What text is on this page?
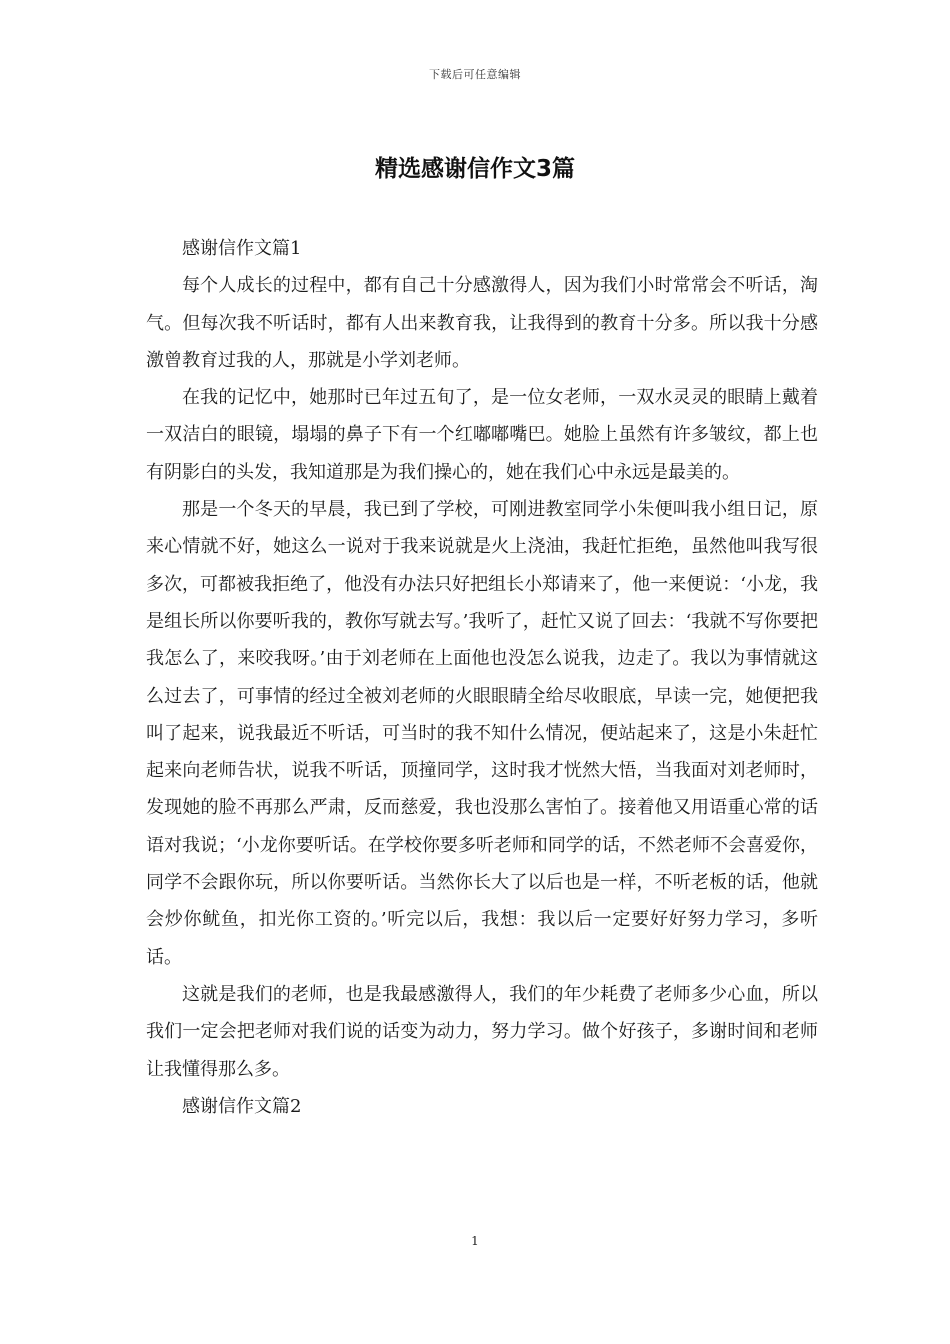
下载后可任意编辑
精选感谢信作文3篇

感谢信作文篇1

每个人成长的过程中，都有自己十分感激得人，因为我们小时常常会不听话，淘气。但每次我不听话时，都有人出来教育我，让我得到的教育十分多。所以我十分感激曾教育过我的人，那就是小学刘老师。

在我的记忆中，她那时已年过五旬了，是一位女老师，一双水灵灵的眼睛上戴着一双洁白的眼镜，塌塌的鼻子下有一个红嘟嘟嘴巴。她脸上虽然有许多皱纹，都上也有阴影白的头发，我知道那是为我们操心的，她在我们心中永远是最美的。

那是一个冬天的早晨，我已到了学校，可刚进教室同学小朱便叫我小组日记，原来心情就不好，她这么一说对于我来说就是火上浇油，我赶忙拒绝，虽然他叫我写很多次，可都被我拒绝了，他没有办法只好把组长小郑请来了，他一来便说：‘小龙，我是组长所以你要听我的，教你写就去写。’我听了，赶忙又说了回去：‘我就不写你要把我怎么了，来咬我呀。’由于刘老师在上面他也没怎么说我，边走了。我以为事情就这么过去了，可事情的经过全被刘老师的火眼眼睛全给尽收眼底，早读一完，她便把我叫了起来，说我最近不听话，可当时的我不知什么情况，便站起来了，这是小朱赶忙起来向老师告状，说我不听话，顶撞同学，这时我才恍然大悟，当我面对刘老师时，发现她的脸不再那么严肃，反而慈爱，我也没那么害怕了。接着他又用语重心常的话语对我说；‘小龙你要听话。在学校你要多听老师和同学的话，不然老师不会喜爱你，同学不会跟你玩，所以你要听话。当然你长大了以后也是一样，不听老板的话，他就会炒你鱿鱼，扣光你工资的。’听完以后，我想：我以后一定要好好努力学习，多听话。

这就是我们的老师，也是我最感激得人，我们的年少耗费了老师多少心血，所以我们一定会把老师对我们说的话变为动力，努力学习。做个好孩子，多谢时间和老师让我懂得那么多。

感谢信作文篇2

1
